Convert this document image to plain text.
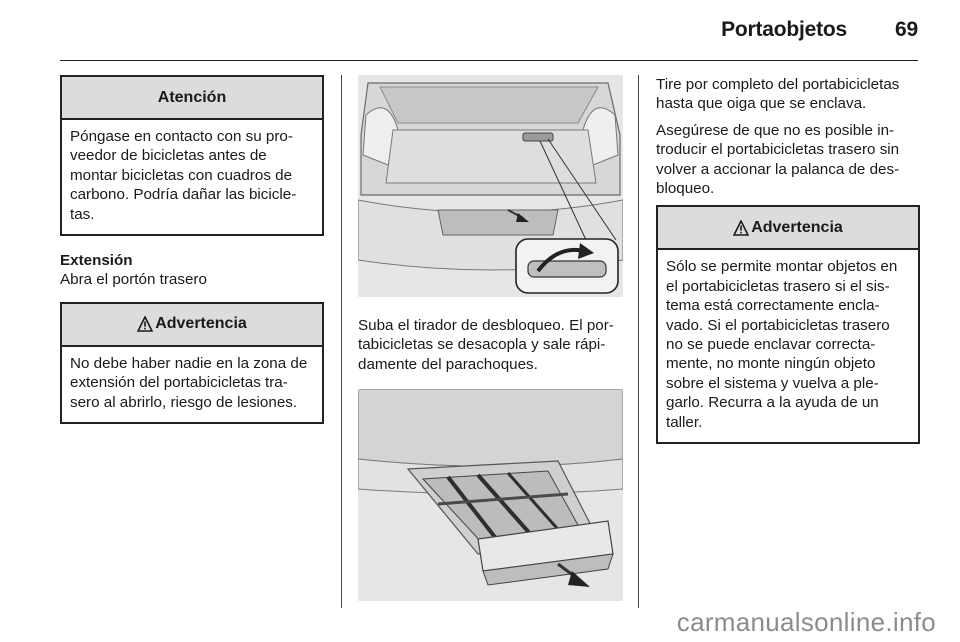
Portaobjetos 69
Atención
Póngase en contacto con su pro-veedor de bicicletas antes de montar bicicletas con cuadros de carbono. Podría dañar las bicicle-tas.

Extensión

Abra el portón trasero

Advertencia
No debe haber nadie en la zona de extensión del portabicicletas tra-sero al abrirlo, riesgo de lesiones.

Suba el tirador de desbloqueo. El por-tabicicletas se desacopla y sale rápi-damente del parachoques.

Tire por completo del portabicicletas hasta que oiga que se enclava.

Asegúrese de que no es posible in-troducir el portabicicletas trasero sin volver a accionar la palanca de des-bloqueo.

Advertencia
Sólo se permite montar objetos en el portabicicletas trasero si el sis-tema está correctamente encla-vado. Si el portabicicletas trasero no se puede enclavar correcta-mente, no monte ningún objeto sobre el sistema y vuelva a ple-garlo. Recurra a la ayuda de un taller.
carmanualsonline.info
